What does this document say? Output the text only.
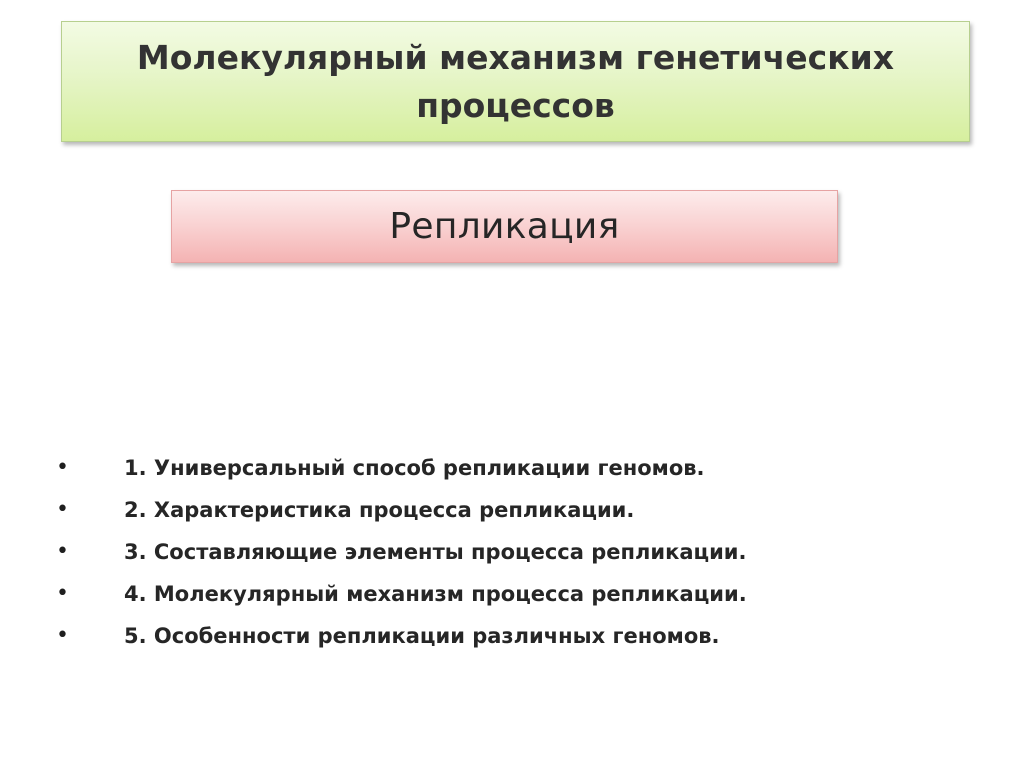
Молекулярный механизм генетических процессов
Репликация
•	1. Универсальный способ репликации геномов.
•	2. Характеристика процесса репликации.
•	3. Составляющие элементы процесса репликации.
•	4. Молекулярный механизм процесса репликации.
•	5. Особенности репликации различных геномов.
